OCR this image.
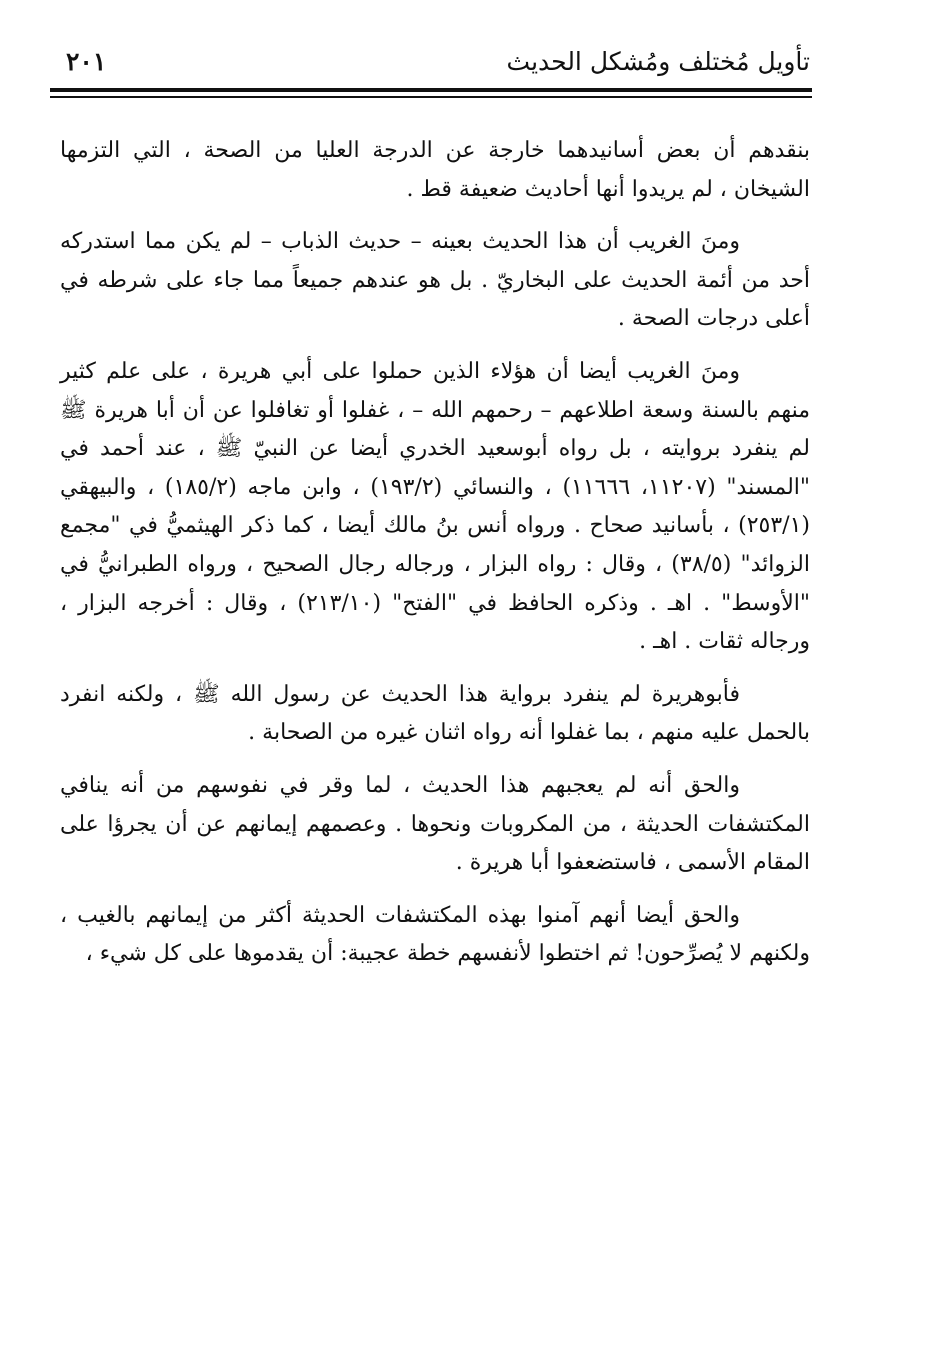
تأويل مُختلف ومُشكل الحديث
٢٠١

بنقدهم أن بعض أسانيدهما خارجة عن الدرجة العليا من الصحة ، التي التزمها الشيخان ، لم يريدوا أنها أحاديث ضعيفة قط .

ومنَ الغريب أن هذا الحديث بعينه – حديث الذباب – لم يكن مما استدركه أحد من أئمة الحديث على البخاريّ . بل هو عندهم جميعاً مما جاء على شرطه في أعلى درجات الصحة .

ومنَ الغريب أيضا أن هؤلاء الذين حملوا على أبي هريرة ، على علم كثير منهم بالسنة وسعة اطلاعهم – رحمهم الله – ، غفلوا أو تغافلوا عن أن أبا هريرة ﷺ لم ينفرد بروايته ، بل رواه أبوسعيد الخدري أيضا عن النبيّ ﷺ ، عند أحمد في "المسند" (١١٢٠٧، ١١٦٦٦) ، والنسائي (١٩٣/٢) ، وابن ماجه (١٨٥/٢) ، والبيهقي (٢٥٣/١) ، بأسانيد صحاح . ورواه أنس بنُ مالك أيضا ، كما ذكر الهيثميُّ في "مجمع الزوائد" (٣٨/٥) ، وقال : رواه البزار ، ورجاله رجال الصحيح ، ورواه الطبرانيُّ في "الأوسط" . اهـ . وذكره الحافظ في "الفتح" (٢١٣/١٠) ، وقال : أخرجه البزار ، ورجاله ثقات . اهـ .

فأبوهريرة لم ينفرد برواية هذا الحديث عن رسول الله ﷺ ، ولكنه انفرد بالحمل عليه منهم ، بما غفلوا أنه رواه اثنان غيره من الصحابة .

والحق أنه لم يعجبهم هذا الحديث ، لما وقر في نفوسهم من أنه ينافي المكتشفات الحديثة ، من المكروبات ونحوها . وعصمهم إيمانهم عن أن يجرؤا على المقام الأسمى ، فاستضعفوا أبا هريرة .

والحق أيضا أنهم آمنوا بهذه المكتشفات الحديثة أكثر من إيمانهم بالغيب ، ولكنهم لا يُصرِّحون! ثم اختطوا لأنفسهم خطة عجيبة: أن يقدموها على كل شيء ،
